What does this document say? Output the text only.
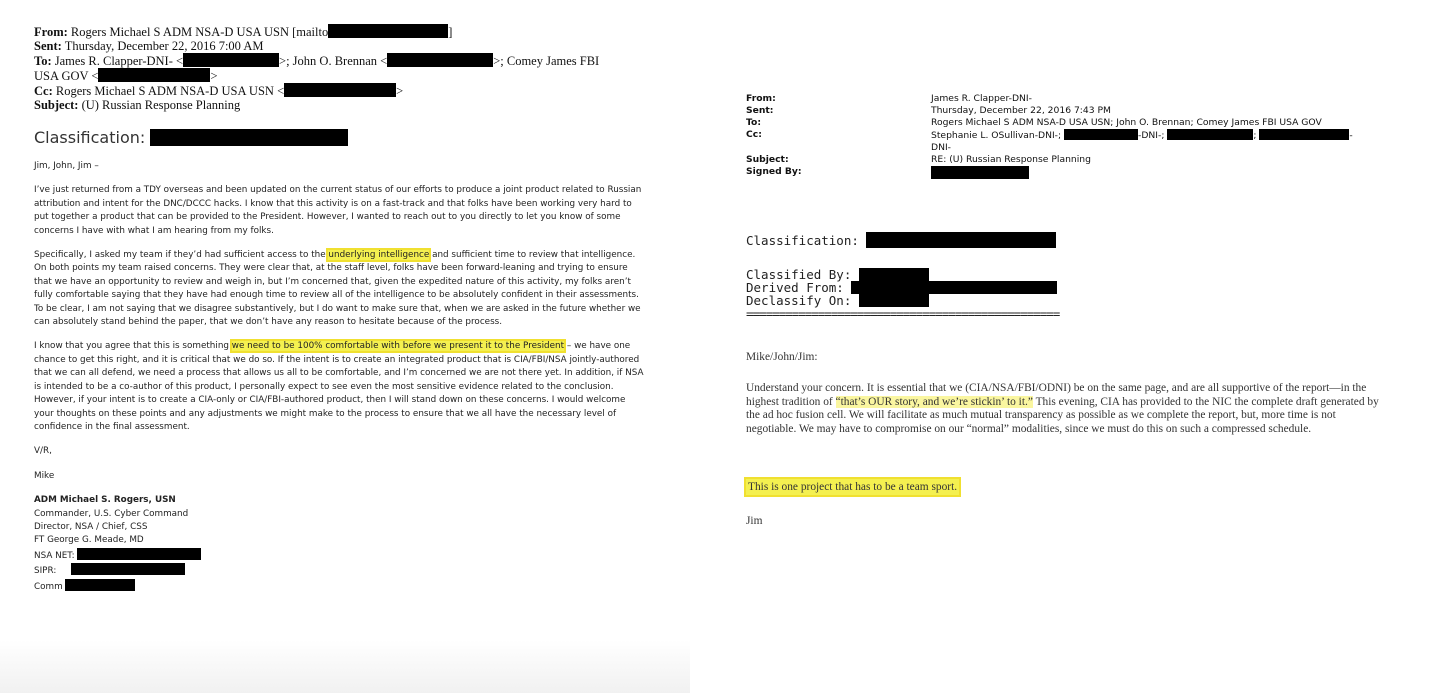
From: Rogers Michael S ADM NSA-D USA USN [mailto	]
Sent: Thursday, December 22, 2016 7:00 AM
To: James R. Clapper-DNI- <	>; John O. Brennan <	>; Comey James FBI
USA GOV <	>
Cc: Rogers Michael S ADM NSA-D USA USN <	>
Subject: (U) Russian Response Planning
Classification:

Jim, John, Jim –

I’ve just returned from a TDY overseas and been updated on the current status of our efforts to produce a joint product related to Russian attribution and intent for the DNC/DCCC hacks. I know that this activity is on a fast-track and that folks have been working very hard to put together a product that can be provided to the President. However, I wanted to reach out to you directly to let you know of some concerns I have with what I am hearing from my folks.

Specifically, I asked my team if they’d had sufficient access to the underlying intelligence and sufficient time to review that intelligence. On both points my team raised concerns. They were clear that, at the staff level, folks have been forward-leaning and trying to ensure that we have an opportunity to review and weigh in, but I’m concerned that, given the expedited nature of this activity, my folks aren’t fully comfortable saying that they have had enough time to review all of the intelligence to be absolutely confident in their assessments. To be clear, I am not saying that we disagree substantively, but I do want to make sure that, when we are asked in the future whether we can absolutely stand behind the paper, that we don’t have any reason to hesitate because of the process.

I know that you agree that this is something we need to be 100% comfortable with before we present it to the President – we have one chance to get this right, and it is critical that we do so. If the intent is to create an integrated product that is CIA/FBI/NSA jointly-authored that we can all defend, we need a process that allows us all to be comfortable, and I’m concerned we are not there yet. In addition, if NSA is intended to be a co-author of this product, I personally expect to see even the most sensitive evidence related to the conclusion. However, if your intent is to create a CIA-only or CIA/FBI-authored product, then I will stand down on these concerns. I would welcome your thoughts on these points and any adjustments we might make to the process to ensure that we all have the necessary level of confidence in the final assessment.

V/R,

Mike

ADM Michael S. Rogers, USN
Commander, U.S. Cyber Command
Director, NSA / Chief, CSS
FT George G. Meade, MD
NSA NET:
SIPR:
Comm
From:	James R. Clapper-DNI-
Sent:	Thursday, December 22, 2016 7:43 PM
To:	Rogers Michael S ADM NSA-D USA USN; John O. Brennan; Comey James FBI USA GOV
Cc:	Stephanie L. OSullivan-DNI-; -DNI-; ; -
DNI-
Subject:	RE: (U) Russian Response Planning
Signed By:	
Classification:
Classified By:
Derived From:
Declassify On:
================================================
Mike/John/Jim:
Understand your concern. It is essential that we (CIA/NSA/FBI/ODNI) be on the same page, and are all supportive of the report—in the highest tradition of “that’s OUR story, and we’re stickin’ to it.” This evening, CIA has provided to the NIC the complete draft generated by the ad hoc fusion cell. We will facilitate as much mutual transparency as possible as we complete the report, but, more time is not negotiable. We may have to compromise on our “normal” modalities, since we must do this on such a compressed schedule.
This is one project that has to be a team sport.
Jim
